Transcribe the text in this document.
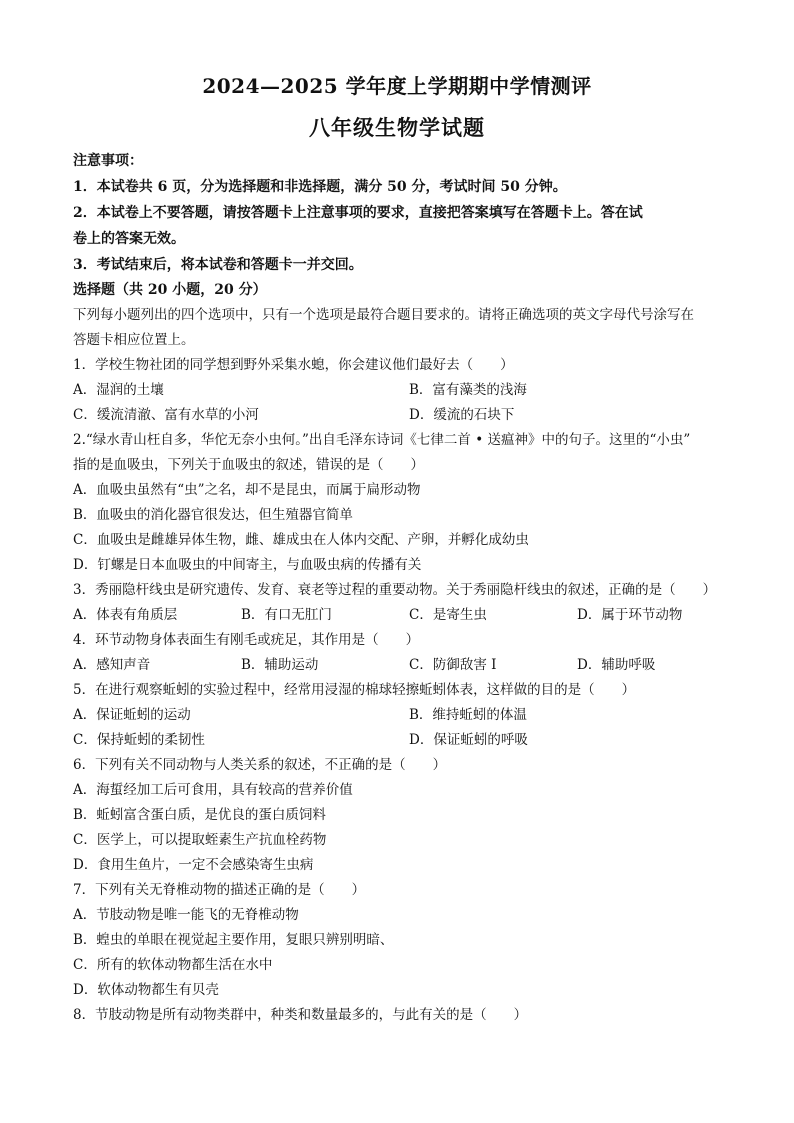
2024—2025 学年度上学期期中学情测评
八年级生物学试题
注意事项：
1．本试卷共 6 页，分为选择题和非选择题，满分 50 分，考试时间 50 分钟。
2．本试卷上不要答题，请按答题卡上注意事项的要求，直接把答案填写在答题卡上。答在试
卷上的答案无效。
3．考试结束后，将本试卷和答题卡一并交回。
选择题（共 20 小题，20 分）
下列每小题列出的四个选项中，只有一个选项是最符合题目要求的。请将正确选项的英文字母代号涂写在
答题卡相应位置上。
1．学校生物社团的同学想到野外采集水螅，你会建议他们最好去（　　）
A．湿润的土壤	B．富有藻类的浅海
C．缓流清澈、富有水草的小河	D．缓流的石块下
2.“绿水青山枉自多，华佗无奈小虫何。”出自毛泽东诗词《七律二首 • 送瘟神》中的句子。这里的“小虫”
指的是血吸虫，下列关于血吸虫的叙述，错误的是（　　）
A．血吸虫虽然有“虫”之名，却不是昆虫，而属于扁形动物
B．血吸虫的消化器官很发达，但生殖器官简单
C．血吸虫是雌雄异体生物，雌、雄成虫在人体内交配、产卵，并孵化成幼虫
D．钉螺是日本血吸虫的中间寄主，与血吸虫病的传播有关
3．秀丽隐杆线虫是研究遗传、发育、衰老等过程的重要动物。关于秀丽隐杆线虫的叙述，正确的是（　　）
A．体表有角质层	B．有口无肛门	C．是寄生虫	D．属于环节动物
4．环节动物身体表面生有刚毛或疣足，其作用是（　　）
A．感知声音	B．辅助运动	C．防御敌害 I	D．辅助呼吸
5．在进行观察蚯蚓的实验过程中，经常用浸湿的棉球轻擦蚯蚓体表，这样做的目的是（　　）
A．保证蚯蚓的运动	B．维持蚯蚓的体温
C．保持蚯蚓的柔韧性	D．保证蚯蚓的呼吸
6．下列有关不同动物与人类关系的叙述，不正确的是（　　）
A．海蜇经加工后可食用，具有较高的营养价值
B．蚯蚓富含蛋白质，是优良的蛋白质饲料
C．医学上，可以提取蛭素生产抗血栓药物
D．食用生鱼片，一定不会感染寄生虫病
7．下列有关无脊椎动物的描述正确的是（　　）
A．节肢动物是唯一能飞的无脊椎动物
B．蝗虫的单眼在视觉起主要作用，复眼只辨别明暗、
C．所有的软体动物都生活在水中
D．软体动物都生有贝壳
8．节肢动物是所有动物类群中，种类和数量最多的，与此有关的是（　　）
